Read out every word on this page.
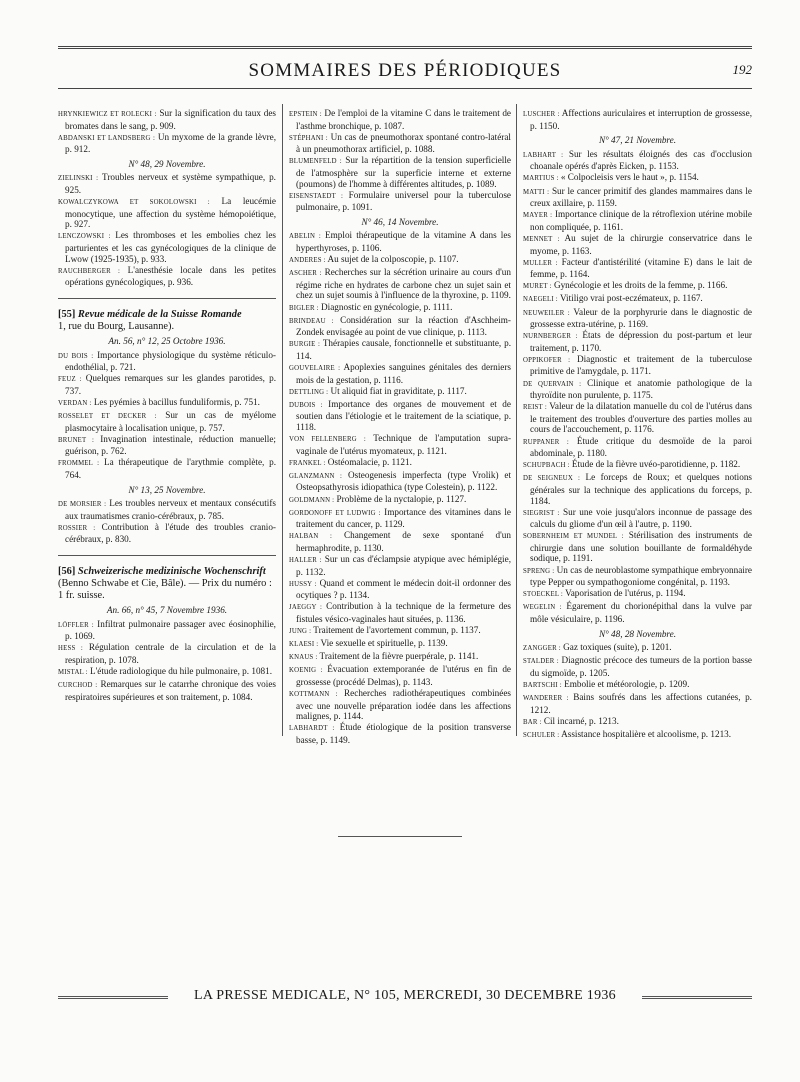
SOMMAIRES DES PÉRIODIQUES	192
HRYNKIEWICZ ET ROLECKI : Sur la signification du taux des bromates dans le sang, p. 909.
ABDANSKI ET LANDSBERG : Un myxome de la grande lèvre, p. 912.
N° 48, 29 Novembre.
ZIELINSKI : Troubles nerveux et système sympathique, p. 925.
KOWALCZYKOWA ET SOKOLOWSKI : La leucémie monocytique, une affection du système hémopoiétique, p. 927.
LENCZOWSKI : Les thromboses et les embolies chez les parturientes et les cas gynécologiques de la clinique de Lwow (1925-1935), p. 933.
RAUCHBERGER : L'anesthésie locale dans les petites opérations gynécologiques, p. 936.
[55] Revue médicale de la Suisse Romande
1, rue du Bourg, Lausanne).
An. 56, n° 12, 25 Octobre 1936.
DU BOIS : Importance physiologique du système réticulo-endothélial, p. 721.
FEUZ : Quelques remarques sur les glandes parotides, p. 737.
VERDAN : Les pyémies à bacillus funduliformis, p. 751.
ROSSELET ET DECKER : Sur un cas de myélome plasmocytaire à localisation unique, p. 757.
BRUNET : Invagination intestinale, réduction manuelle; guérison, p. 762.
FROMMEL : La thérapeutique de l'arythmie complète, p. 764.
N° 13, 25 Novembre.
DE MORSIER : Les troubles nerveux et mentaux consécutifs aux traumatismes cranio-cérébraux, p. 785.
ROSSIER : Contribution à l'étude des troubles cranio-cérébraux, p. 830.
[56] Schweizerische medizinische Wochenschrift (Benno Schwabe et Cie, Bâle). — Prix du numéro : 1 fr. suisse.
An. 66, n° 45, 7 Novembre 1936.
LÖFFLER : Infiltrat pulmonaire passager avec éosinophilie, p. 1069.
HESS : Régulation centrale de la circulation et de la respiration, p. 1078.
MISTAL : L'étude radiologique du hile pulmonaire, p. 1081.
CURCHOD : Remarques sur le catarrhe chronique des voies respiratoires supérieures et son traitement, p. 1084.
EPSTEIN : De l'emploi de la vitamine C dans le traitement de l'asthme bronchique, p. 1087.
STÉPHANI : Un cas de pneumothorax spontané contro-latéral à un pneumothorax artificiel, p. 1088.
BLUMENFELD : Sur la répartition de la tension superficielle de l'atmosphère sur la superficie interne et externe (poumons) de l'homme à différentes altitudes, p. 1089.
EISENSTAEDT : Formulaire universel pour la tuberculose pulmonaire, p. 1091.
N° 46, 14 Novembre.
ABELIN : Emploi thérapeutique de la vitamine A dans les hyperthyroses, p. 1106.
ANDERES : Au sujet de la colposcopie, p. 1107.
ASCHER : Recherches sur la sécrétion urinaire au cours d'un régime riche en hydrates de carbone chez un sujet sain et chez un sujet soumis à l'influence de la thyroxine, p. 1109.
BIGLER : Diagnostic en gynécologie, p. 1111.
BRINDEAU : Considération sur la réaction d'Aschheim-Zondek envisagée au point de vue clinique, p. 1113.
BURGIE : Thérapies causale, fonctionnelle et substituante, p. 114.
GOUVELAIRE : Apoplexies sanguines génitales des derniers mois de la gestation, p. 1116.
DETTLING : Ut aliquid fiat in graviditate, p. 1117.
DUBOIS : Importance des organes de mouvement et de soutien dans l'étiologie et le traitement de la sciatique, p. 1118.
VON FELLENBERG : Technique de l'amputation supra-vaginale de l'utérus myomateux, p. 1121.
FRANKEL : Ostéomalacie, p. 1121.
GLANZMANN : Osteogenesis imperfecta (type Vrolik) et Osteopsathyrosis idiopathica (type Colestein), p. 1122.
GOLDMANN : Problème de la nyctalopie, p. 1127.
GORDONOFF ET LUDWIG : Importance des vitamines dans le traitement du cancer, p. 1129.
HALBAN : Changement de sexe spontané d'un hermaphrodite, p. 1130.
HALLER : Sur un cas d'éclampsie atypique avec hémiplégie, p. 1132.
HUSSY : Quand et comment le médecin doit-il ordonner des ocytiques ? p. 1134.
JAEGGY : Contribution à la technique de la fermeture des fistules vésico-vaginales haut situées, p. 1136.
JUNG : Traitement de l'avortement commun, p. 1137.
KLAESI : Vie sexuelle et spirituelle, p. 1139.
KNAUS : Traitement de la fièvre puerpérale, p. 1141.
KOENIG : Évacuation extemporanée de l'utérus en fin de grossesse (procédé Delmas), p. 1143.
KOTTMANN : Recherches radiothérapeutiques combinées avec une nouvelle préparation iodée dans les affections malignes, p. 1144.
LABHARDT : Étude étiologique de la position transverse basse, p. 1149.
LUSCHER : Affections auriculaires et interruption de grossesse, p. 1150.
N° 47, 21 Novembre.
LABHART : Sur les résultats éloignés des cas d'occlusion choanale opérés d'après Eicken, p. 1153.
MARTIUS : « Colpocleisis vers le haut », p. 1154.
MATTI : Sur le cancer primitif des glandes mammaires dans le creux axillaire, p. 1159.
MAYER : Importance clinique de la rétroflexion utérine mobile non compliquée, p. 1161.
MENNET : Au sujet de la chirurgie conservatrice dans le myome, p. 1163.
MULLER : Facteur d'antistérilité (vitamine E) dans le lait de femme, p. 1164.
MURET : Gynécologie et les droits de la femme, p. 1166.
NAEGELI : Vitiligo vrai post-eczémateux, p. 1167.
NEUWEILER : Valeur de la porphyrurie dans le diagnostic de grossesse extra-utérine, p. 1169.
NURNBERGER : États de dépression du post-partum et leur traitement, p. 1170.
OPPIKOFER : Diagnostic et traitement de la tuberculose primitive de l'amygdale, p. 1171.
DE QUERVAIN : Clinique et anatomie pathologique de la thyroïdite non purulente, p. 1175.
REIST : Valeur de la dilatation manuelle du col de l'utérus dans le traitement des troubles d'ouverture des parties molles au cours de l'accouchement, p. 1176.
RUPPANER : Étude critique du desmoïde de la paroi abdominale, p. 1180.
SCHUPBACH : Étude de la fièvre uvéo-parotidienne, p. 1182.
DE SEIGNEUX : Le forceps de Roux; et quelques notions générales sur la technique des applications du forceps, p. 1184.
SIEGRIST : Sur une voie jusqu'alors inconnue de passage des calculs du gliome d'un œil à l'autre, p. 1190.
SOBERNHEIM ET MUNDEL : Stérilisation des instruments de chirurgie dans une solution bouillante de formaldéhyde sodique, p. 1191.
SPRENG : Un cas de neuroblastome sympathique embryonnaire type Pepper ou sympathogoniome congénital, p. 1193.
STOECKEL : Vaporisation de l'utérus, p. 1194.
WEGELIN : Égarement du chorionépithal dans la vulve par môle vésiculaire, p. 1196.
N° 48, 28 Novembre.
ZANGGER : Gaz toxiques (suite), p. 1201.
STALDER : Diagnostic précoce des tumeurs de la portion basse du sigmoïde, p. 1205.
BARTSCHI : Embolie et météorologie, p. 1209.
WANDERER : Bains soufrés dans les affections cutanées, p. 1212.
BAR : Cil incarné, p. 1213.
SCHULER : Assistance hospitalière et alcoolisme, p. 1213.
LA PRESSE MEDICALE, N° 105, MERCREDI, 30 DECEMBRE 1936
